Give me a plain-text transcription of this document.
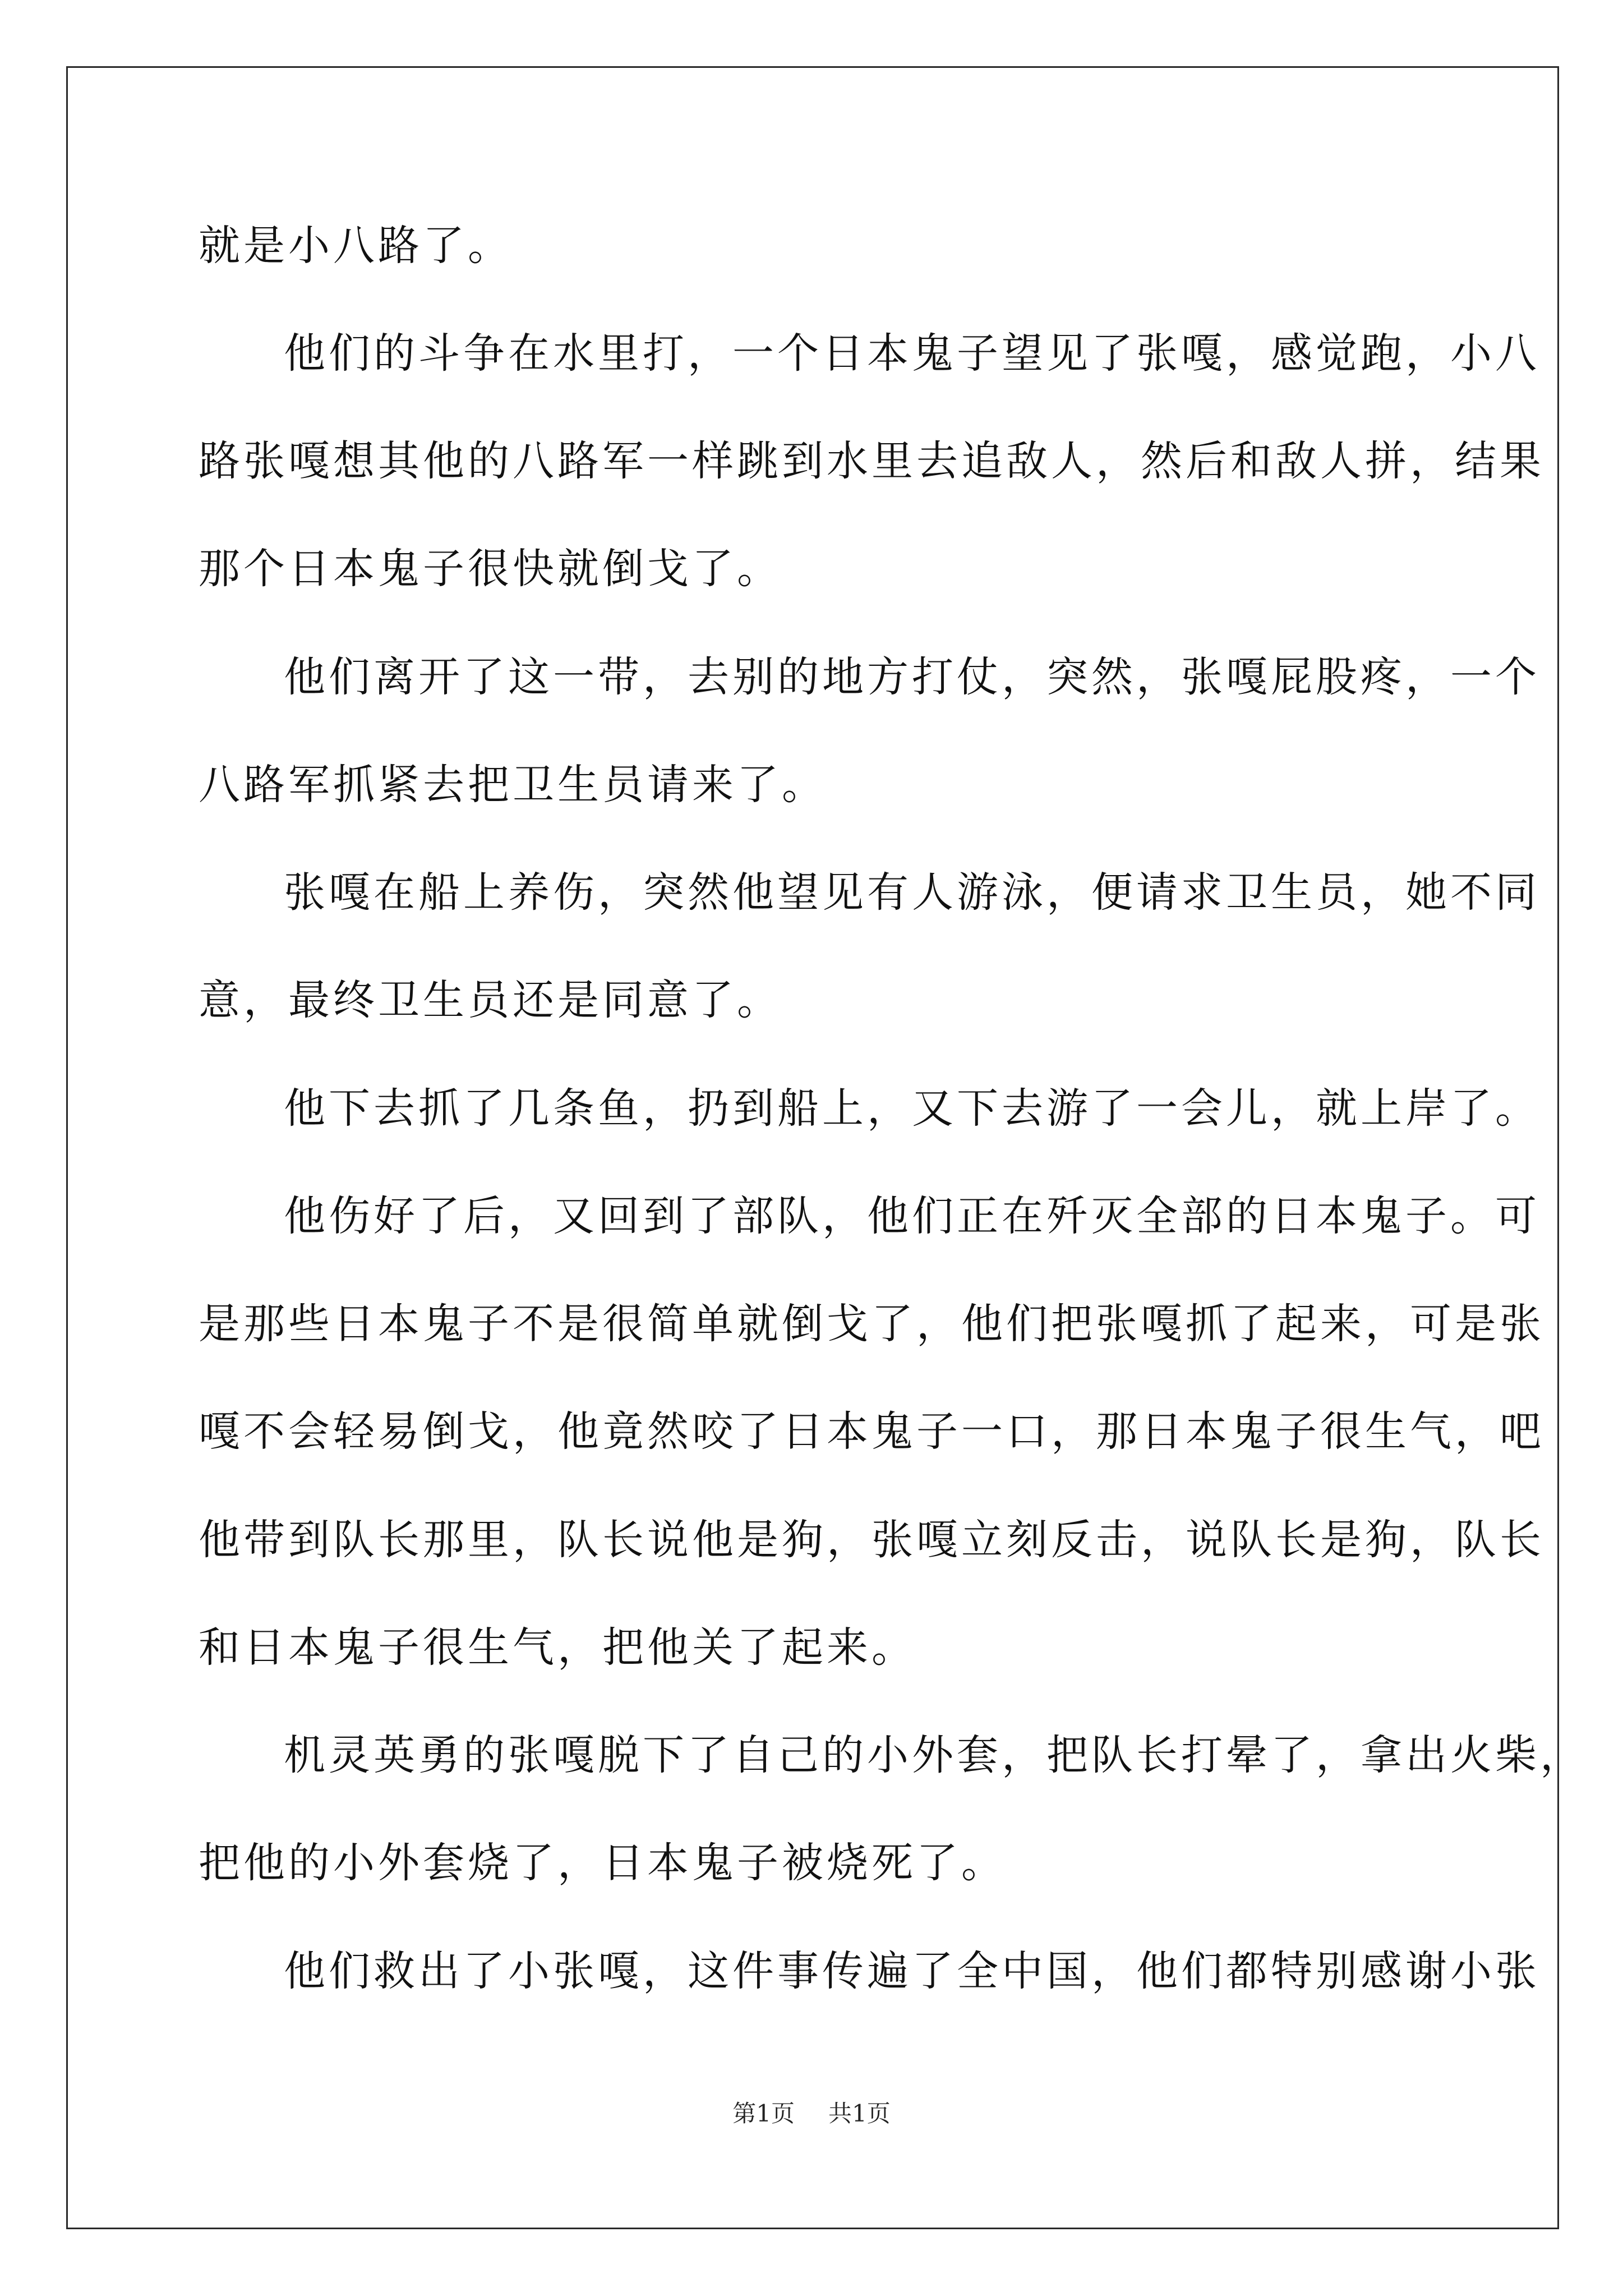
就是小八路了。
他们的斗争在水里打，一个日本鬼子望见了张嘎，感觉跑，小八
路张嘎想其他的八路军一样跳到水里去追敌人，然后和敌人拼，结果
那个日本鬼子很快就倒戈了。
他们离开了这一带，去别的地方打仗，突然，张嘎屁股疼，一个
八路军抓紧去把卫生员请来了。
张嘎在船上养伤，突然他望见有人游泳，便请求卫生员，她不同
意，最终卫生员还是同意了。
他下去抓了几条鱼，扔到船上，又下去游了一会儿，就上岸了。
他伤好了后，又回到了部队，他们正在歼灭全部的日本鬼子。可
是那些日本鬼子不是很简单就倒戈了，他们把张嘎抓了起来，可是张
嘎不会轻易倒戈，他竟然咬了日本鬼子一口，那日本鬼子很生气，吧
他带到队长那里，队长说他是狗，张嘎立刻反击，说队长是狗，队长
和日本鬼子很生气，把他关了起来。
机灵英勇的张嘎脱下了自己的小外套，把队长打晕了，拿出火柴，
把他的小外套烧了，日本鬼子被烧死了。
他们救出了小张嘎，这件事传遍了全中国，他们都特别感谢小张
第1页 共1页
